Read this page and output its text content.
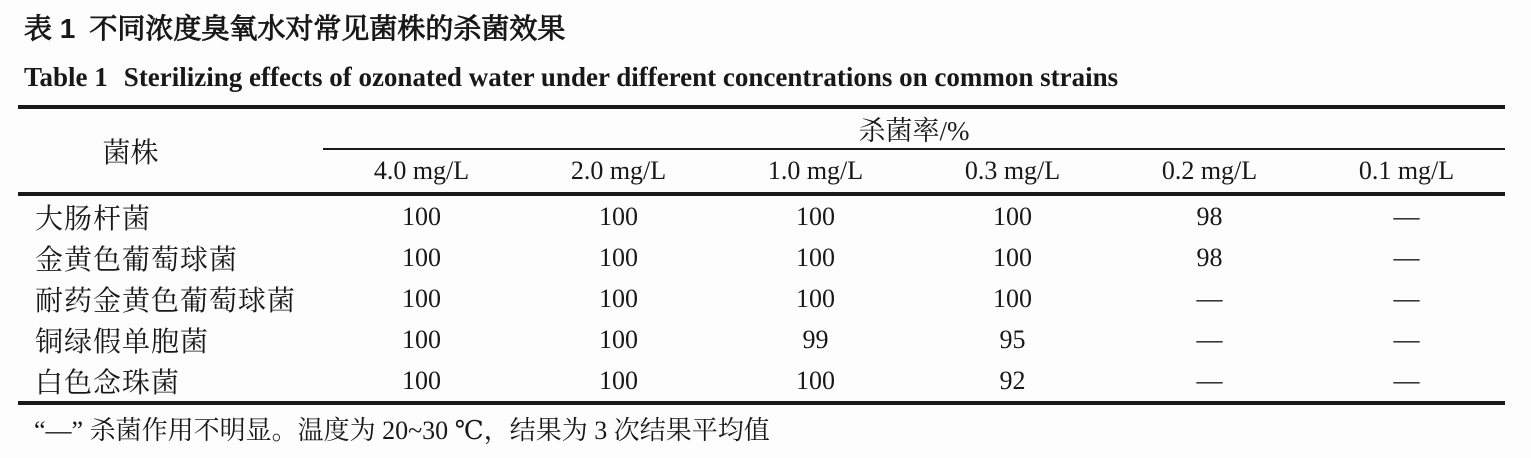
表 1 不同浓度臭氧水对常见菌株的杀菌效果
Table 1 Sterilizing effects of ozonated water under different concentrations on common strains
菌株	杀菌率/%					
	4.0 mg/L	2.0 mg/L	1.0 mg/L	0.3 mg/L	0.2 mg/L	0.1 mg/L
大肠杆菌	100	100	100	100	98	—
金黄色葡萄球菌	100	100	100	100	98	—
耐药金黄色葡萄球菌	100	100	100	100	—	—
铜绿假单胞菌	100	100	99	95	—	—
白色念珠菌	100	100	100	92	—	—
“—” 杀菌作用不明显。温度为 20~30 ℃，结果为 3 次结果平均值
